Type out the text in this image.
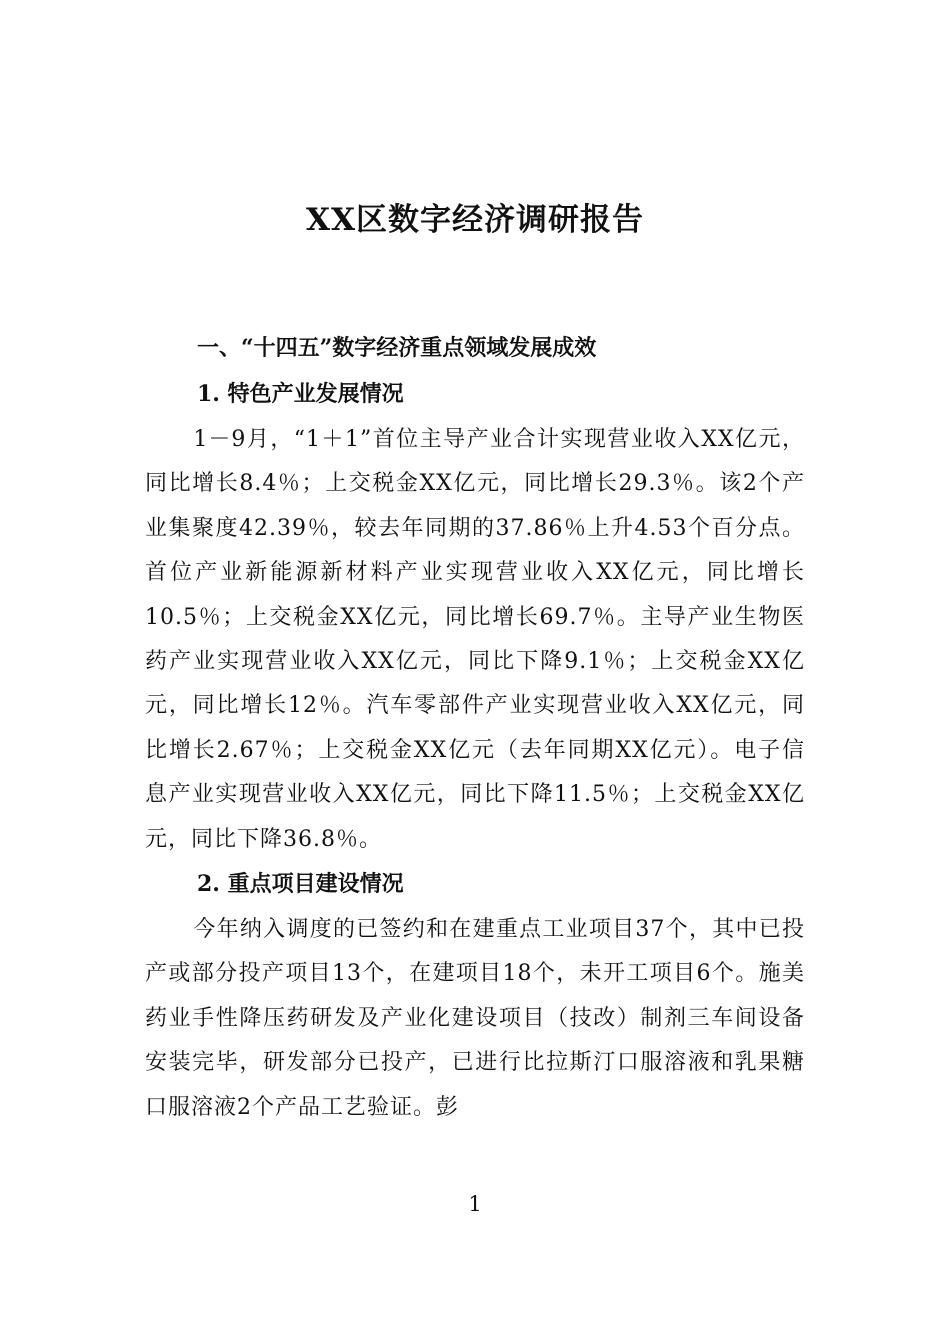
XX区数字经济调研报告
一、“十四五”数字经济重点领域发展成效
1. 特色产业发展情况

1－9月，“1＋1”首位主导产业合计实现营业收入XX亿元，同比增长8.4％；上交税金XX亿元，同比增长29.3％。该2个产业集聚度42.39％，较去年同期的37.86％上升4.53个百分点。首位产业新能源新材料产业实现营业收入XX亿元，同比增长10.5％；上交税金XX亿元，同比增长69.7％。主导产业生物医药产业实现营业收入XX亿元，同比下降9.1％；上交税金XX亿元，同比增长12％。汽车零部件产业实现营业收入XX亿元，同比增长2.67％；上交税金XX亿元（去年同期XX亿元）。电子信息产业实现营业收入XX亿元，同比下降11.5％；上交税金XX亿元，同比下降36.8％。

2. 重点项目建设情况

今年纳入调度的已签约和在建重点工业项目37个，其中已投产或部分投产项目13个，在建项目18个，未开工项目6个。施美药业手性降压药研发及产业化建设项目（技改）制剂三车间设备安装完毕，研发部分已投产，已进行比拉斯汀口服溶液和乳果糖口服溶液2个产品工艺验证。彭

1
